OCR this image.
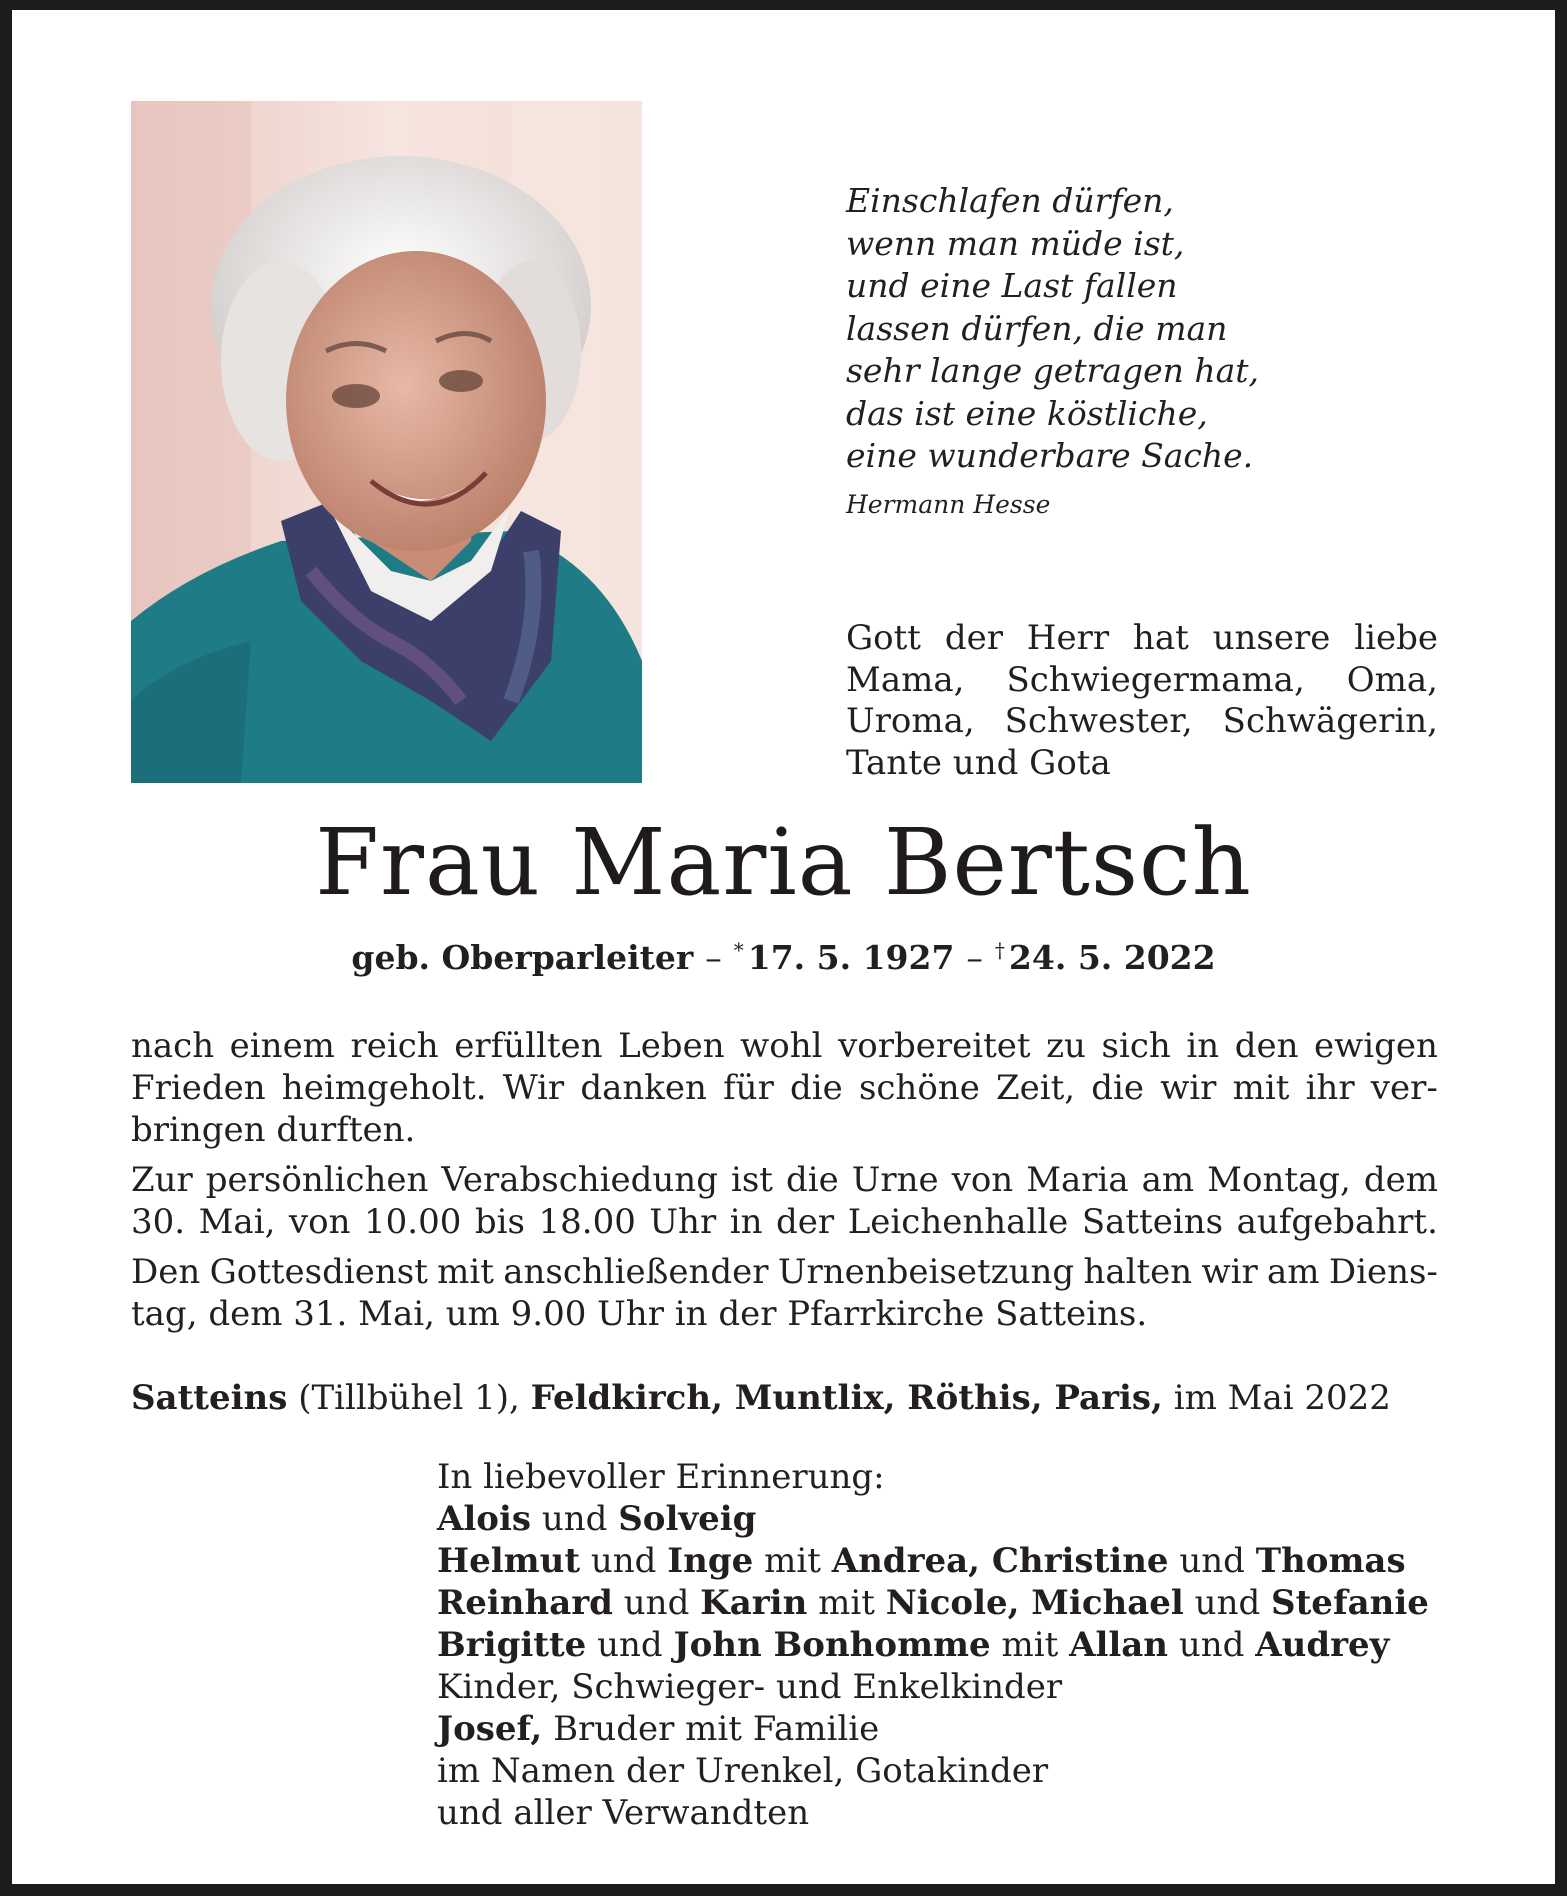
Einschlafen dürfen,
wenn man müde ist,
und eine Last fallen
lassen dürfen, die man
sehr lange getragen hat,
das ist eine köstliche,
eine wunderbare Sache.
Hermann Hesse
Gott der Herr hat unsere liebe
Mama, Schwiegermama, Oma,
Uroma, Schwester, Schwägerin,
Tante und Gota
Frau Maria Bertsch
geb. Oberparleiter – * 17. 5. 1927 – † 24. 5. 2022
nach einem reich erfüllten Leben wohl vorbereitet zu sich in den ewigen
Frieden heimgeholt. Wir danken für die schöne Zeit, die wir mit ihr ver-
bringen durften.
Zur persönlichen Verabschiedung ist die Urne von Maria am Montag, dem
30. Mai, von 10.00 bis 18.00 Uhr in der Leichenhalle Satteins aufgebahrt.
Den Gottesdienst mit anschließender Urnenbeisetzung halten wir am Diens-
tag, dem 31. Mai, um 9.00 Uhr in der Pfarrkirche Satteins.
Satteins (Tillbühel 1), Feldkirch, Muntlix, Röthis, Paris, im Mai 2022
In liebevoller Erinnerung:
Alois und Solveig
Helmut und Inge mit Andrea, Christine und Thomas
Reinhard und Karin mit Nicole, Michael und Stefanie
Brigitte und John Bonhomme mit Allan und Audrey
Kinder, Schwieger- und Enkelkinder
Josef, Bruder mit Familie
im Namen der Urenkel, Gotakinder
und aller Verwandten
